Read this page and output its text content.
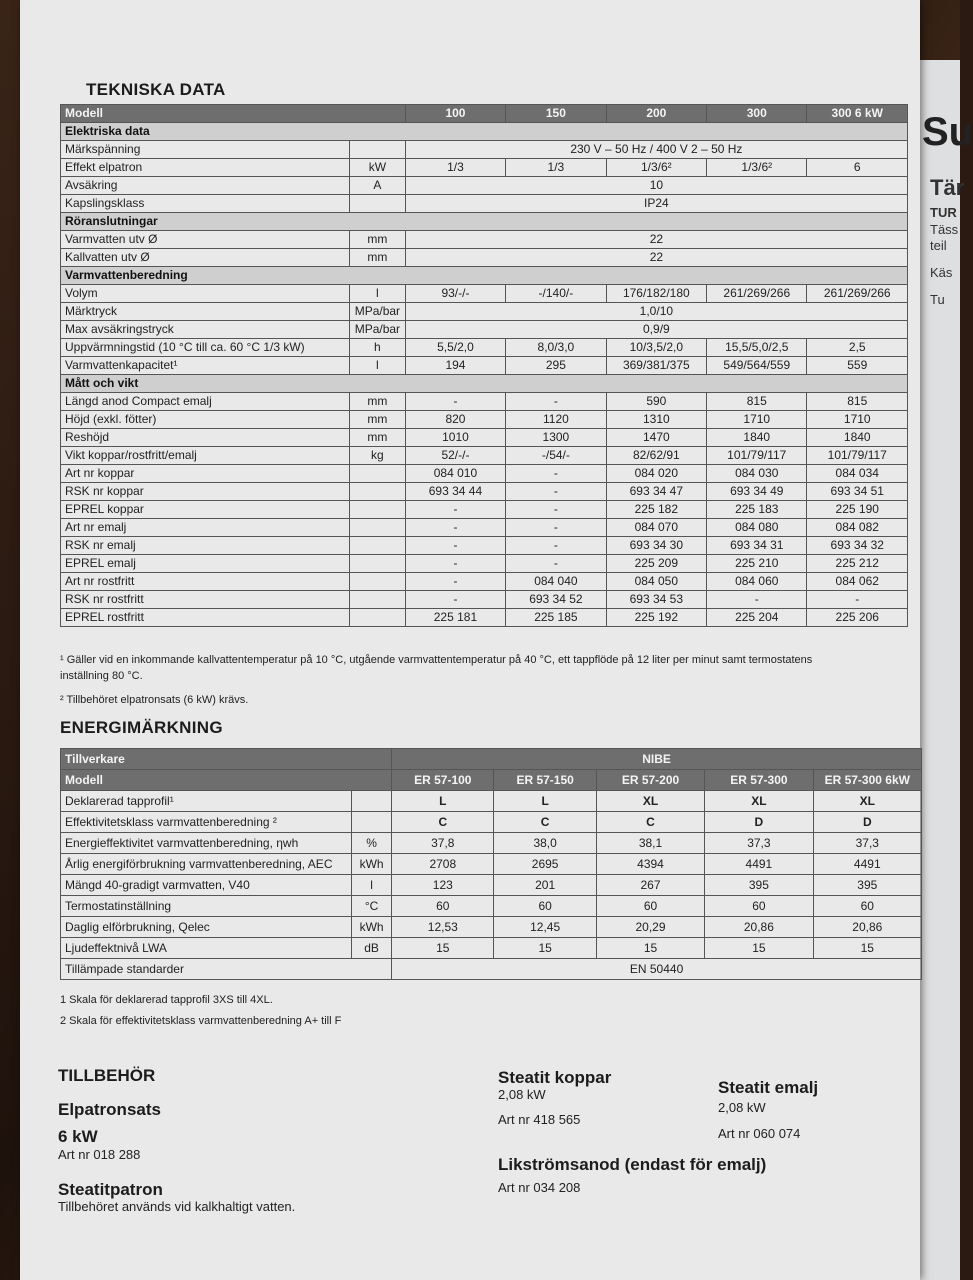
Su
Tär
TUR
Täss
teil
Käs
Tu
TEKNISKA DATA
Modell		100	150	200	300	300 6 kW
Elektriska data						
Märkspänning		230 V – 50 Hz / 400 V 2 – 50 Hz				
Effekt elpatron	kW	1/3	1/3	1/3/6²	1/3/6²	6
Avsäkring	A	10				
Kapslingsklass		IP24				
Röranslutningar						
Varmvatten utv Ø	mm	22				
Kallvatten utv Ø	mm	22				
Varmvattenberedning						
Volym	l	93/-/-	-/140/-	176/182/180	261/269/266	261/269/266
Märktryck	MPa/bar	1,0/10				
Max avsäkringstryck	MPa/bar	0,9/9				
Uppvärmningstid (10 °C till ca. 60 °C 1/3 kW)	h	5,5/2,0	8,0/3,0	10/3,5/2,0	15,5/5,0/2,5	2,5
Varmvattenkapacitet¹	l	194	295	369/381/375	549/564/559	559
Mått och vikt						
Längd anod Compact emalj	mm	-	-	590	815	815
Höjd (exkl. fötter)	mm	820	1120	1310	1710	1710
Reshöjd	mm	1010	1300	1470	1840	1840
Vikt koppar/rostfritt/emalj	kg	52/-/-	-/54/-	82/62/91	101/79/117	101/79/117
Art nr koppar		084 010	-	084 020	084 030	084 034
RSK nr koppar		693 34 44	-	693 34 47	693 34 49	693 34 51
EPREL koppar		-	-	225 182	225 183	225 190
Art nr emalj		-	-	084 070	084 080	084 082
RSK nr emalj		-	-	693 34 30	693 34 31	693 34 32
EPREL emalj		-	-	225 209	225 210	225 212
Art nr rostfritt		-	084 040	084 050	084 060	084 062
RSK nr rostfritt		-	693 34 52	693 34 53	-	-
EPREL rostfritt		225 181	225 185	225 192	225 204	225 206

¹ Gäller vid en inkommande kallvattentemperatur på 10 °C, utgående varmvattentemperatur på 40 °C, ett tappflöde på 12 liter per minut samt termostatens

inställning 80 °C.

² Tillbehöret elpatronsats (6 kW) krävs.

ENERGIMÄRKNING
Tillverkare		NIBE				
Modell		ER 57-100	ER 57-150	ER 57-200	ER 57-300	ER 57-300 6kW
Deklarerad tapprofil¹		L	L	XL	XL	XL
Effektivitetsklass varmvattenberedning ²		C	C	C	D	D
Energieffektivitet varmvattenberedning, ηwh	%	37,8	38,0	38,1	37,3	37,3
Årlig energiförbrukning varmvattenberedning, AEC	kWh	2708	2695	4394	4491	4491
Mängd 40-gradigt varmvatten, V40	l	123	201	267	395	395
Termostatinställning	°C	60	60	60	60	60
Daglig elförbrukning, Qelec	kWh	12,53	12,45	20,29	20,86	20,86
Ljudeffektnivå LWA	dB	15	15	15	15	15
Tillämpade standarder		EN 50440				

1 Skala för deklarerad tapprofil 3XS till 4XL.

2 Skala för effektivitetsklass varmvattenberedning A+ till F

TILLBEHÖR

Elpatronsats

6 kW

Art nr 018 288

Steatitpatron

Tillbehöret används vid kalkhaltigt vatten.

Steatit koppar

2,08 kW

Art nr 418 565

Steatit emalj

2,08 kW

Art nr 060 074

Likströmsanod (endast för emalj)

Art nr 034 208
